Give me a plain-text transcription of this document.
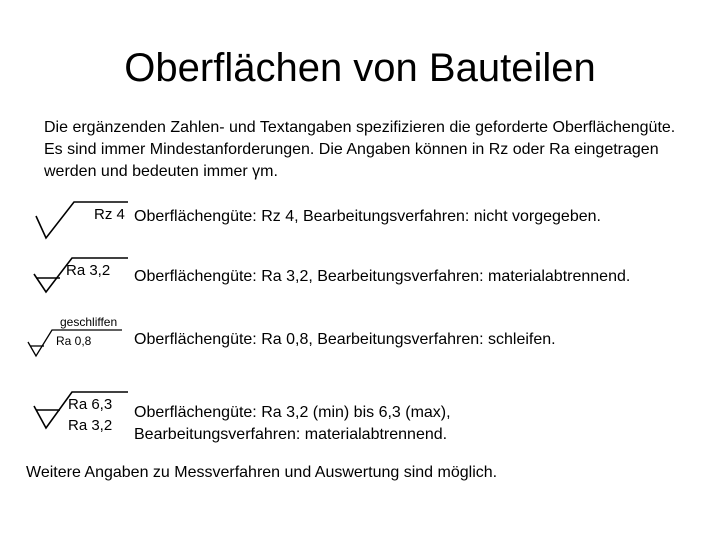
Oberflächen von Bauteilen
Die ergänzenden Zahlen- und Textangaben spezifizieren die geforderte Oberflächengüte. Es sind immer Mindestanforderungen. Die Angaben können in Rz oder Ra eingetragen werden und bedeuten immer γm.
Rz 4 Oberflächengüte: Rz 4, Bearbeitungsverfahren: nicht vorgegeben.
Ra 3,2 Oberflächengüte: Ra 3,2, Bearbeitungsverfahren: materialabtrennend.
geschliffen
Ra 0,8	Oberflächengüte: Ra 0,8, Bearbeitungsverfahren: schleifen.
Ra 6,3
Ra 3,2
Oberflächengüte: Ra 3,2 (min) bis 6,3 (max),
Bearbeitungsverfahren: materialabtrennend.
Weitere Angaben zu Messverfahren und Auswertung sind möglich.
